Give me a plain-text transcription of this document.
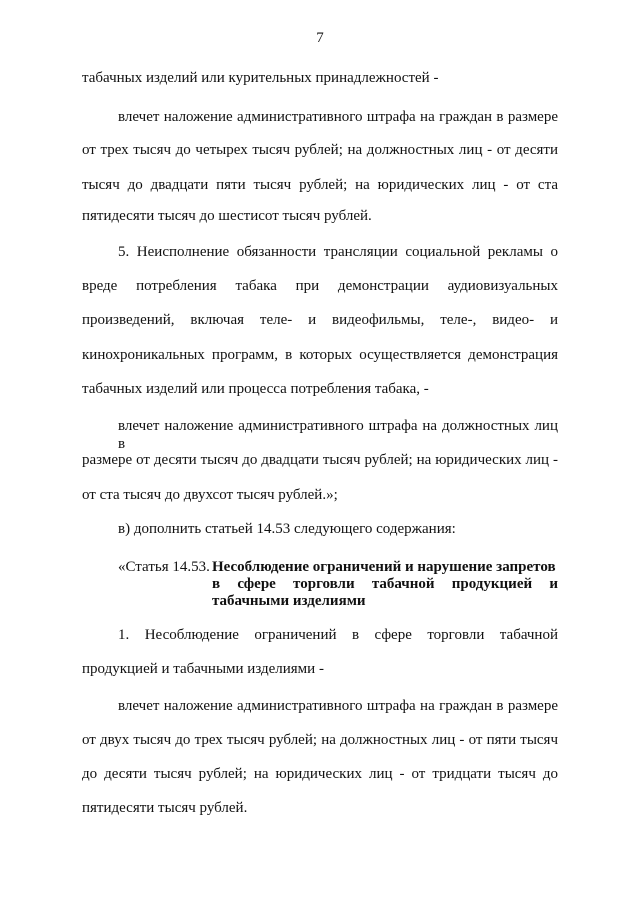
7
табачных изделий или курительных принадлежностей -
влечет наложение административного штрафа на граждан в размере
от трех тысяч до четырех тысяч рублей; на должностных лиц - от десяти
тысяч до двадцати пяти тысяч рублей; на юридических лиц - от ста
пятидесяти тысяч до шестисот тысяч рублей.
5. Неисполнение обязанности трансляции социальной рекламы о
вреде потребления табака при демонстрации аудиовизуальных
произведений, включая теле- и видеофильмы, теле-, видео- и
кинохроникальных программ, в которых осуществляется демонстрация
табачных изделий или процесса потребления табака, -
влечет наложение административного штрафа на должностных лиц в
размере от десяти тысяч до двадцати тысяч рублей; на юридических лиц -
от ста тысяч до двухсот тысяч рублей.»;
в) дополнить статьей 14.53 следующего содержания:
«Статья 14.53. Несоблюдение ограничений и нарушение запретов
в сфере торговли табачной продукцией и
табачными изделиями
1. Несоблюдение ограничений в сфере торговли табачной
продукцией и табачными изделиями -
влечет наложение административного штрафа на граждан в размере
от двух тысяч до трех тысяч рублей; на должностных лиц - от пяти тысяч
до десяти тысяч рублей; на юридических лиц - от тридцати тысяч до
пятидесяти тысяч рублей.
